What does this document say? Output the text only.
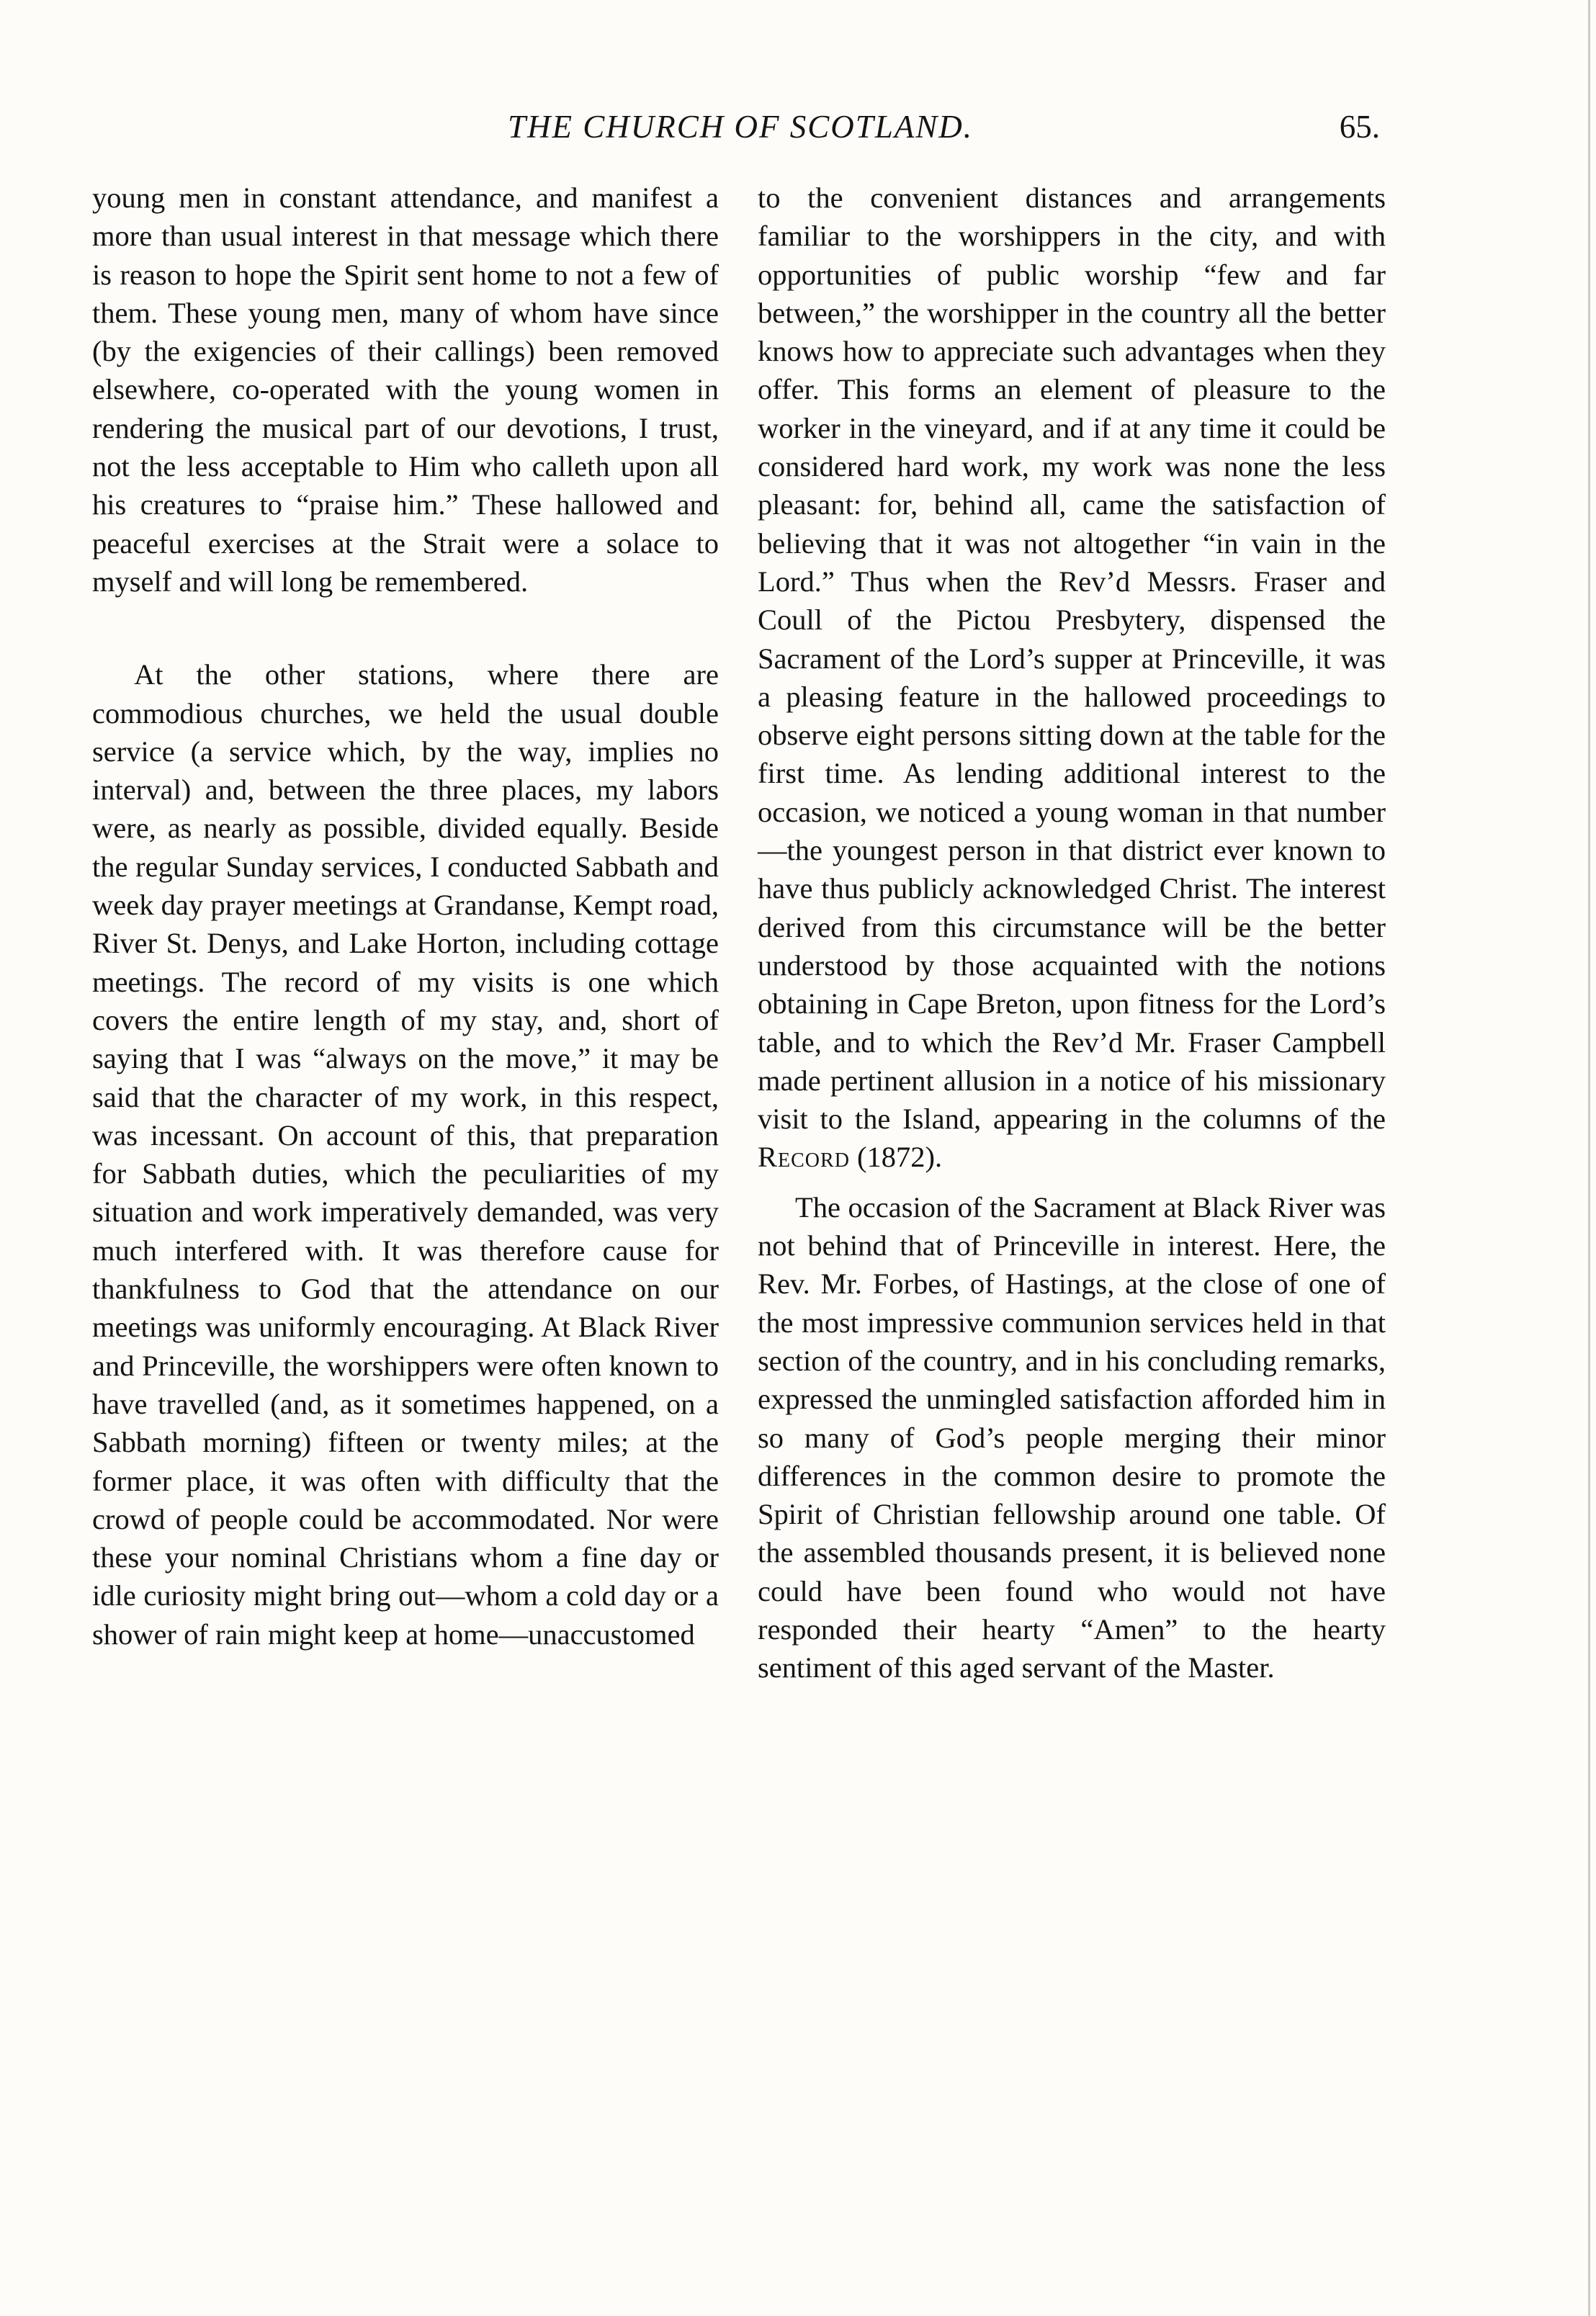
THE CHURCH OF SCOTLAND.	65.

young men in constant attendance, and manifest a more than usual interest in that message which there is reason to hope the Spirit sent home to not a few of them. These young men, many of whom have since (by the exigencies of their callings) been removed elsewhere, co-operated with the young women in rendering the musical part of our devotions, I trust, not the less acceptable to Him who calleth upon all his creatures to “praise him.” These hallowed and peaceful exercises at the Strait were a solace to myself and will long be remembered.

At the other stations, where there are commodious churches, we held the usual double service (a service which, by the way, implies no interval) and, between the three places, my labors were, as nearly as possible, divided equally. Beside the regular Sunday services, I conducted Sabbath and week day prayer meetings at Grandanse, Kempt road, River St. Denys, and Lake Horton, including cottage meetings. The record of my visits is one which covers the entire length of my stay, and, short of saying that I was “always on the move,” it may be said that the character of my work, in this respect, was incessant. On account of this, that preparation for Sabbath duties, which the peculiarities of my situation and work imperatively demanded, was very much interfered with. It was therefore cause for thankfulness to God that the attendance on our meetings was uniformly encouraging. At Black River and Princeville, the worshippers were often known to have travelled (and, as it sometimes happened, on a Sabbath morning) fifteen or twenty miles; at the former place, it was often with difficulty that the crowd of people could be accommodated. Nor were these your nominal Christians whom a fine day or idle curiosity might bring out—whom a cold day or a shower of rain might keep at home—unaccustomed

to the convenient distances and arrangements familiar to the worshippers in the city, and with opportunities of public worship “few and far between,” the worshipper in the country all the better knows how to appreciate such advantages when they offer. This forms an element of pleasure to the worker in the vineyard, and if at any time it could be considered hard work, my work was none the less pleasant: for, behind all, came the satisfaction of believing that it was not altogether “in vain in the Lord.” Thus when the Rev’d Messrs. Fraser and Coull of the Pictou Presbytery, dispensed the Sacrament of the Lord’s supper at Princeville, it was a pleasing feature in the hallowed proceedings to observe eight persons sitting down at the table for the first time. As lending additional interest to the occasion, we noticed a young woman in that number—the youngest person in that district ever known to have thus publicly acknowledged Christ. The interest derived from this circumstance will be the better understood by those acquainted with the notions obtaining in Cape Breton, upon fitness for the Lord’s table, and to which the Rev’d Mr. Fraser Campbell made pertinent allusion in a notice of his missionary visit to the Island, appearing in the columns of the Record (1872).

The occasion of the Sacrament at Black River was not behind that of Princeville in interest. Here, the Rev. Mr. Forbes, of Hastings, at the close of one of the most impressive communion services held in that section of the country, and in his concluding remarks, expressed the unmingled satisfaction afforded him in so many of God’s people merging their minor differences in the common desire to promote the Spirit of Christian fellowship around one table. Of the assembled thousands present, it is believed none could have been found who would not have responded their hearty “Amen” to the hearty sentiment of this aged servant of the Master.
